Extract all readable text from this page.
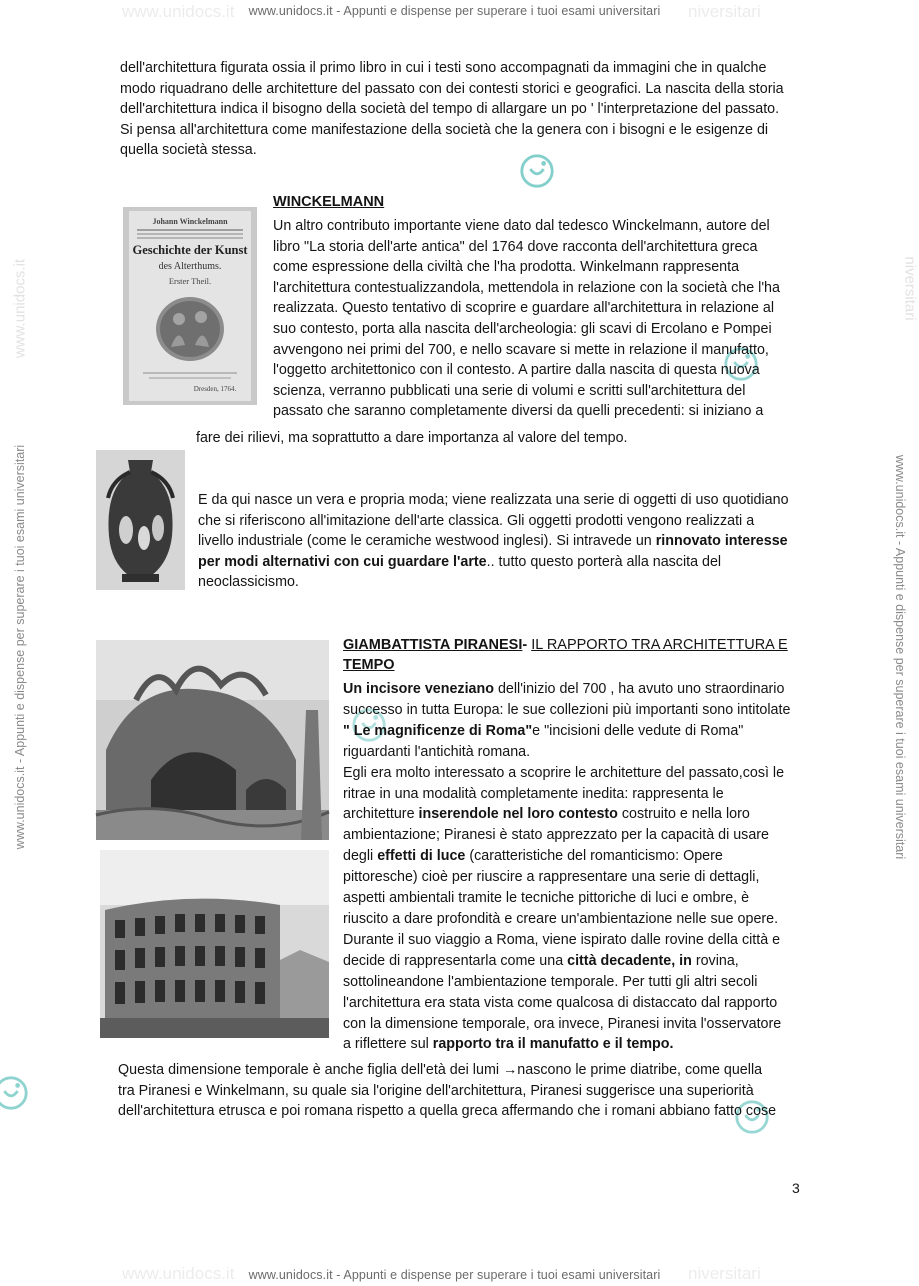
www.unidocs.it	niversitari
www.unidocs.it - Appunti e dispense per superare i tuoi esami universitari
www.unidocs.it	niversitari
www.unidocs.it - Appunti e dispense per superare i tuoi esami universitari
www.unidocs.it - Appunti e dispense per superare i tuoi esami universitari	www.unidocs.it - Appunti e dispense per superare i tuoi esami universitari
www.unidocs.it	niversitari
dell'architettura figurata ossia il primo libro in cui i testi sono accompagnati da immagini che in qualche
modo riquadrano delle architetture del passato con dei contesti storici e geografici. La nascita della storia
dell'architettura indica il bisogno della società del tempo di allargare un po ' l'interpretazione del passato.
Si pensa all'architettura come manifestazione della società che la genera con i bisogni e le esigenze di
quella società stessa.
Johann Winckelmann
Geschichte der Kunst
des Alterthums.
Erster Theil.
Dresden, 1764.
WINCKELMANN
Un altro contributo importante viene dato dal tedesco Winckelmann, autore del
libro "La storia dell'arte antica" del 1764 dove racconta dell'architettura greca
come espressione della civiltà che l'ha prodotta. Winkelmann rappresenta
l'architettura contestualizzandola, mettendola in relazione con la società che l'ha
realizzata. Questo tentativo di scoprire e guardare all'architettura in relazione al
suo contesto, porta alla nascita dell'archeologia: gli scavi di Ercolano e Pompei
avvengono nei primi del 700, e nello scavare si mette in relazione il manufatto,
l'oggetto architettonico con il contesto. A partire dalla nascita di questa nuova
scienza, verranno pubblicati una serie di volumi e scritti sull'architettura del
passato che saranno completamente diversi da quelli precedenti: si iniziano a
fare dei rilievi, ma soprattutto a dare importanza al valore del tempo.
E da qui nasce un vera e propria moda; viene realizzata una serie di oggetti di uso quotidiano
che si riferiscono all'imitazione dell'arte classica. Gli oggetti prodotti vengono realizzati a
livello industriale (come le ceramiche westwood inglesi). Si intravede un rinnovato interesse
per modi alternativi con cui guardare l'arte.. tutto questo porterà alla nascita del
neoclassicismo.
GIAMBATTISTA PIRANESI- IL RAPPORTO TRA ARCHITETTURA E
TEMPO
Un incisore veneziano dell'inizio del 700 , ha avuto uno straordinario
successo in tutta Europa: le sue collezioni più importanti sono intitolate
" Le magnificenze di Roma"e "incisioni delle vedute di Roma"
riguardanti l'antichità romana.
Egli era molto interessato a scoprire le architetture del passato,così le
ritrae in una modalità completamente inedita: rappresenta le
architetture inserendole nel loro contesto costruito e nella loro
ambientazione; Piranesi è stato apprezzato per la capacità di usare
degli effetti di luce (caratteristiche del romanticismo: Opere
pittoresche) cioè per riuscire a rappresentare una serie di dettagli,
aspetti ambientali tramite le tecniche pittoriche di luci e ombre, è
riuscito a dare profondità e creare un'ambientazione nelle sue opere.
Durante il suo viaggio a Roma, viene ispirato dalle rovine della città e
decide di rappresentarla come una città decadente, in rovina,
sottolineandone l'ambientazione temporale. Per tutti gli altri secoli
l'architettura era stata vista come qualcosa di distaccato dal rapporto
con la dimensione temporale, ora invece, Piranesi invita l'osservatore
a riflettere sul rapporto tra il manufatto e il tempo.
Questa dimensione temporale è anche figlia dell'età dei lumi →nascono le prime diatribe, come quella
tra Piranesi e Winkelmann, su quale sia l'origine dell'architettura, Piranesi suggerisce una superiorità
dell'architettura etrusca e poi romana rispetto a quella greca affermando che i romani abbiano fatto cose
3
